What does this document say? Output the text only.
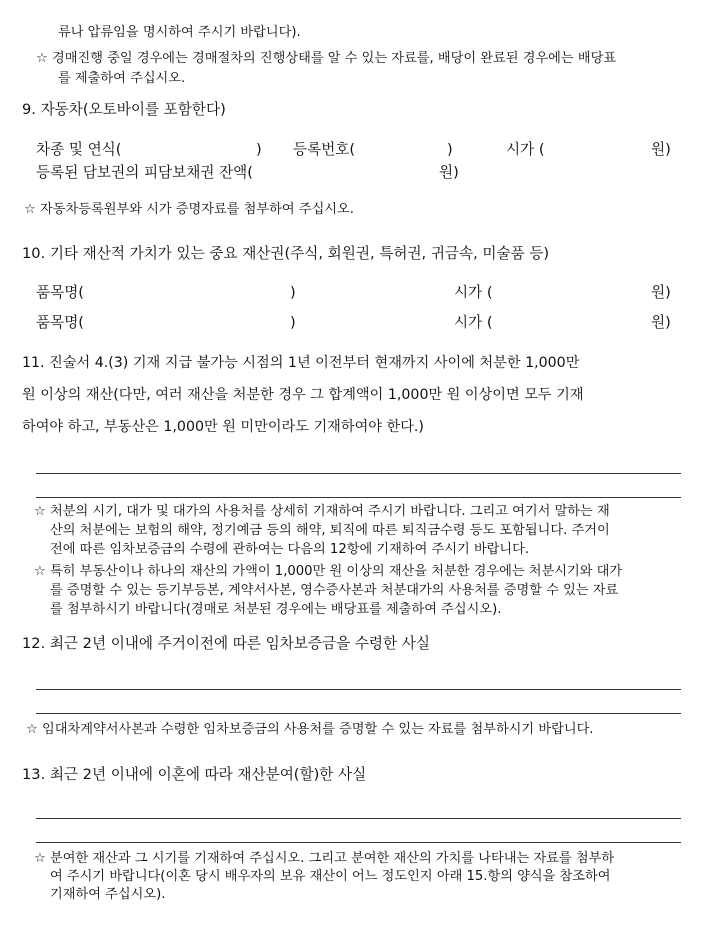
류나 압류임을 명시하여 주시기 바랍니다).
☆ 경매진행 중일 경우에는 경매절차의 진행상태를 알 수 있는 자료를, 배당이 완료된 경우에는 배당표
를 제출하여 주십시오.
9. 자동차(오토바이를 포함한다)
차종 및 연식(	) 등록번호(	)	시가 (	원)
등록된 담보권의 피담보채권 잔액(	원)
☆ 자동차등록원부와 시가 증명자료를 첨부하여 주십시오.
10. 기타 재산적 가치가 있는 중요 재산권(주식, 회원권, 특허권, 귀금속, 미술품 등)
품목명(	)	시가 (	원)
품목명(	)	시가 (	원)
11. 진술서 4.(3) 기재 지급 불가능 시점의 1년 이전부터 현재까지 사이에 처분한 1,000만
원 이상의 재산(다만, 여러 재산을 처분한 경우 그 합계액이 1,000만 원 이상이면 모두 기재
하여야 하고, 부동산은 1,000만 원 미만이라도 기재하여야 한다.)
☆ 처분의 시기, 대가 및 대가의 사용처를 상세히 기재하여 주시기 바랍니다. 그리고 여기서 말하는 재
산의 처분에는 보험의 해약, 정기예금 등의 해약, 퇴직에 따른 퇴직금수령 등도 포함됩니다. 주거이
전에 따른 임차보증금의 수령에 관하여는 다음의 12항에 기재하여 주시기 바랍니다.
☆ 특히 부동산이나 하나의 재산의 가액이 1,000만 원 이상의 재산을 처분한 경우에는 처분시기와 대가
를 증명할 수 있는 등기부등본, 계약서사본, 영수증사본과 처분대가의 사용처를 증명할 수 있는 자료
를 첨부하시기 바랍니다(경매로 처분된 경우에는 배당표를 제출하여 주십시오).
12. 최근 2년 이내에 주거이전에 따른 임차보증금을 수령한 사실
☆ 임대차계약서사본과 수령한 임차보증금의 사용처를 증명할 수 있는 자료를 첨부하시기 바랍니다.
13. 최근 2년 이내에 이혼에 따라 재산분여(할)한 사실
☆ 분여한 재산과 그 시기를 기재하여 주십시오. 그리고 분여한 재산의 가치를 나타내는 자료를 첨부하
여 주시기 바랍니다(이혼 당시 배우자의 보유 재산이 어느 정도인지 아래 15.항의 양식을 참조하여
기재하여 주십시오).
